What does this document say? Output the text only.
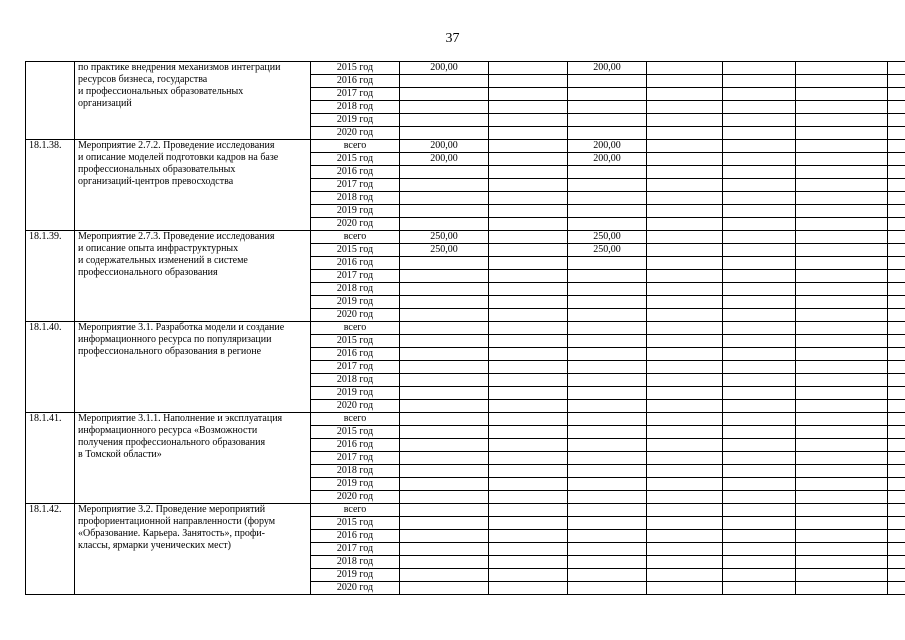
37

	по практике внедрения механизмов интеграции
ресурсов бизнеса, государства
и профессиональных образовательных
организаций	2015 год	200,00		200,00				
		2016 год							
		2017 год							
		2018 год							
		2019 год							
		2020 год							
18.1.38.	Мероприятие 2.7.2. Проведение исследования
и описание моделей подготовки кадров на базе
профессиональных образовательных
организаций-центров превосходства	всего	200,00		200,00				
		2015 год	200,00		200,00				
		2016 год							
		2017 год							
		2018 год							
		2019 год							
		2020 год							
18.1.39.	Мероприятие 2.7.3. Проведение исследования
и описание опыта инфраструктурных
и содержательных изменений в системе
профессионального образования	всего	250,00		250,00				
		2015 год	250,00		250,00				
		2016 год							
		2017 год							
		2018 год							
		2019 год							
		2020 год							
18.1.40.	Мероприятие 3.1. Разработка модели и создание
информационного ресурса по популяризации
профессионального образования в регионе	всего							
		2015 год							
		2016 год							
		2017 год							
		2018 год							
		2019 год							
		2020 год							
18.1.41.	Мероприятие 3.1.1. Наполнение и эксплуатация
информационного ресурса «Возможности
получения профессионального образования
в Томской области»	всего							
		2015 год							
		2016 год							
		2017 год							
		2018 год							
		2019 год							
		2020 год							
18.1.42.	Мероприятие 3.2. Проведение мероприятий
профориентационной направленности (форум
«Образование. Карьера. Занятость», профи-
классы, ярмарки ученических мест)	всего							
		2015 год							
		2016 год							
		2017 год							
		2018 год							
		2019 год							
		2020 год							
